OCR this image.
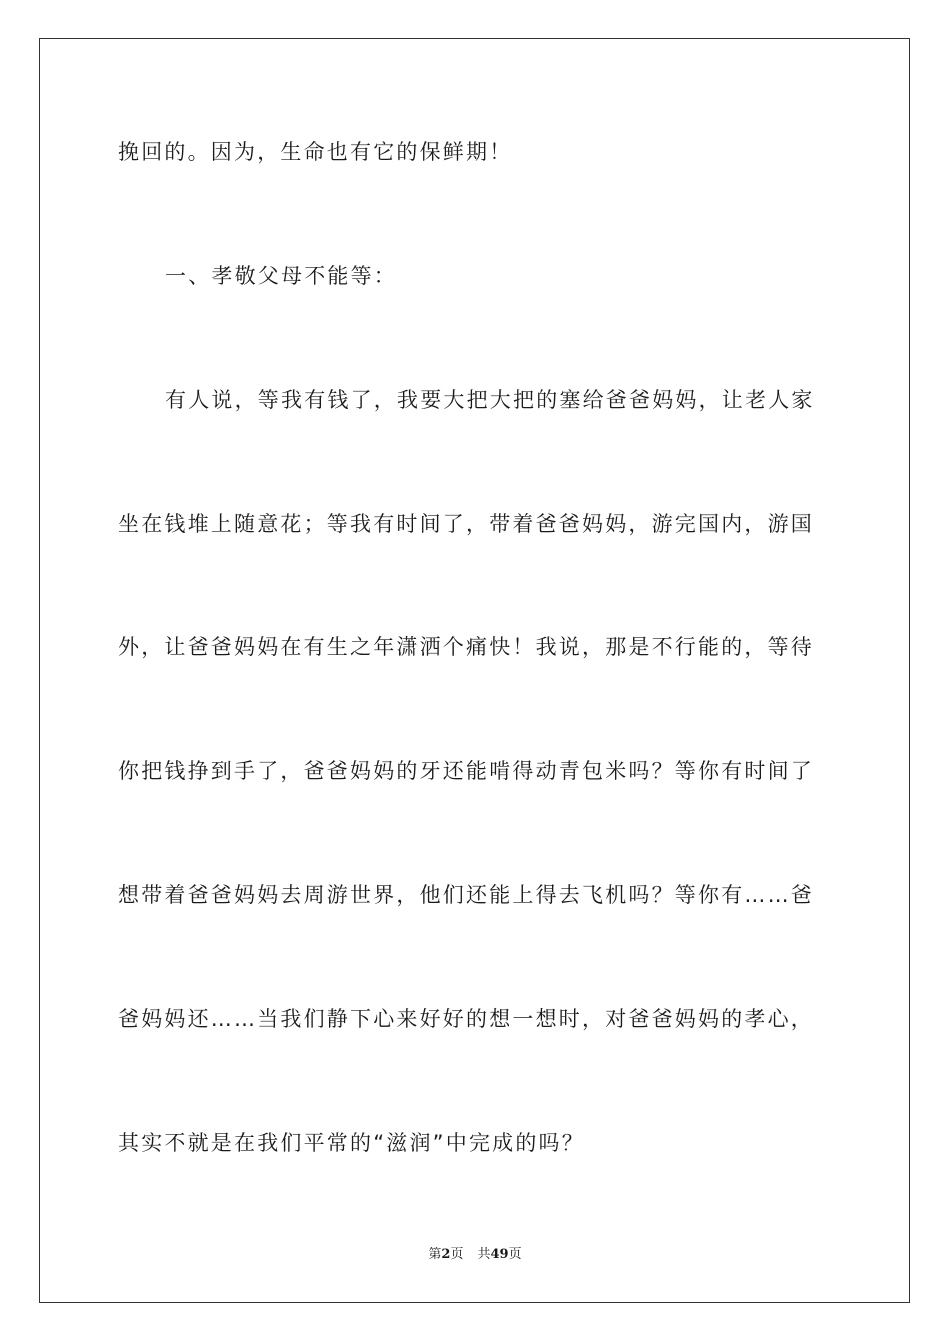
挽回的。因为，生命也有它的保鲜期！

一、孝敬父母不能等：

有人说，等我有钱了，我要大把大把的塞给爸爸妈妈，让老人家

坐在钱堆上随意花；等我有时间了，带着爸爸妈妈，游完国内，游国

外，让爸爸妈妈在有生之年潇洒个痛快！我说，那是不行能的，等待

你把钱挣到手了，爸爸妈妈的牙还能啃得动青包米吗？等你有时间了

想带着爸爸妈妈去周游世界，他们还能上得去飞机吗？等你有……爸

爸妈妈还……当我们静下心来好好的想一想时，对爸爸妈妈的孝心，

其实不就是在我们平常的“滋润”中完成的吗？

第2页 共49页
